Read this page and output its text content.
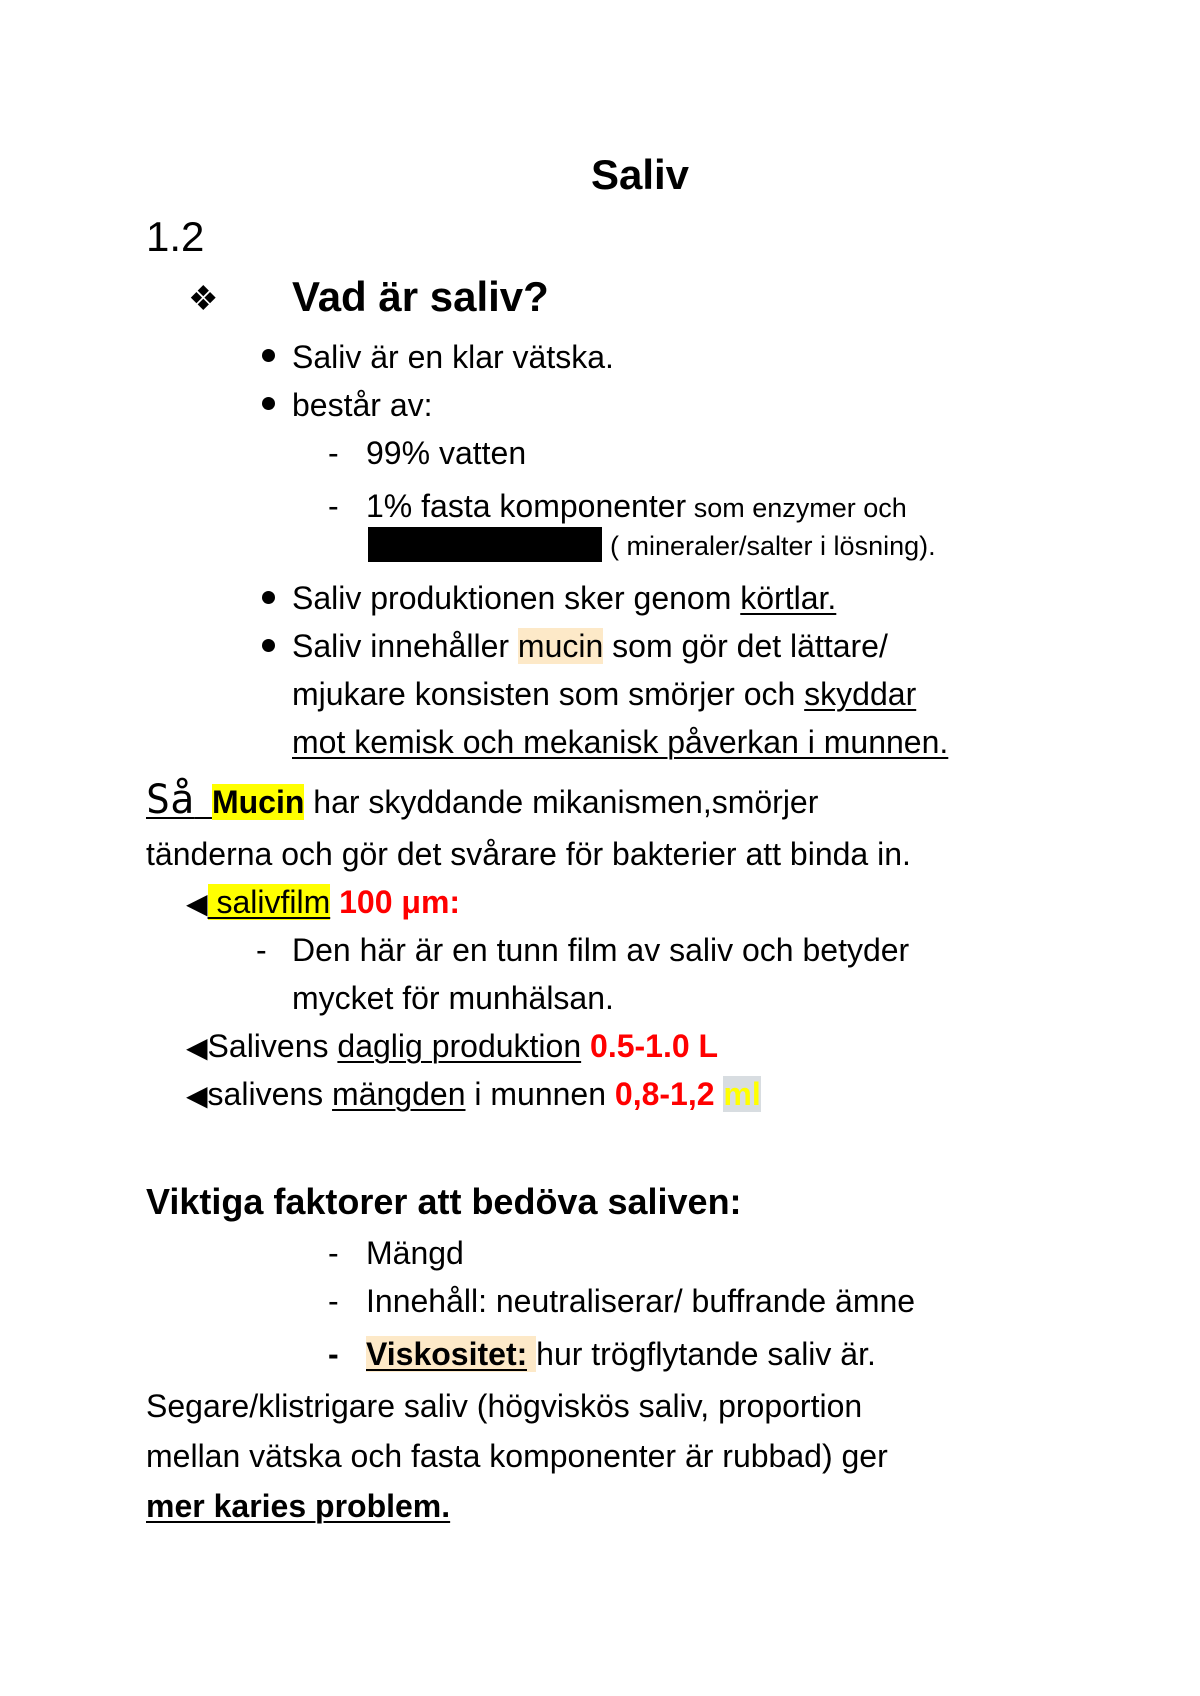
Saliv
1.2
❖ Vad är saliv?
Saliv är en klar vätska.
består av:
- 99% vatten
- 1% fasta komponenter som enzymer och
( mineraler/salter i lösning).
Saliv produktionen sker genom körtlar.
Saliv innehåller mucin som gör det lättare/
mjukare konsisten som smörjer och skyddar
mot kemisk och mekanisk påverkan i munnen.
Så Mucin har skyddande mikanismen,smörjer
tänderna och gör det svårare för bakterier att binda in.
◀ salivfilm 100 μm:
- Den här är en tunn film av saliv och betyder
mycket för munhälsan.
◀Salivens daglig produktion 0.5-1.0 L
◀salivens mängden i munnen 0,8-1,2 ml
Viktiga faktorer att bedöva saliven:
- Mängd
- Innehåll: neutraliserar/ buffrande ämne
- Viskositet: hur trögflytande saliv är.
Segare/klistrigare saliv (högviskös saliv, proportion
mellan vätska och fasta komponenter är rubbad) ger
mer karies problem.
